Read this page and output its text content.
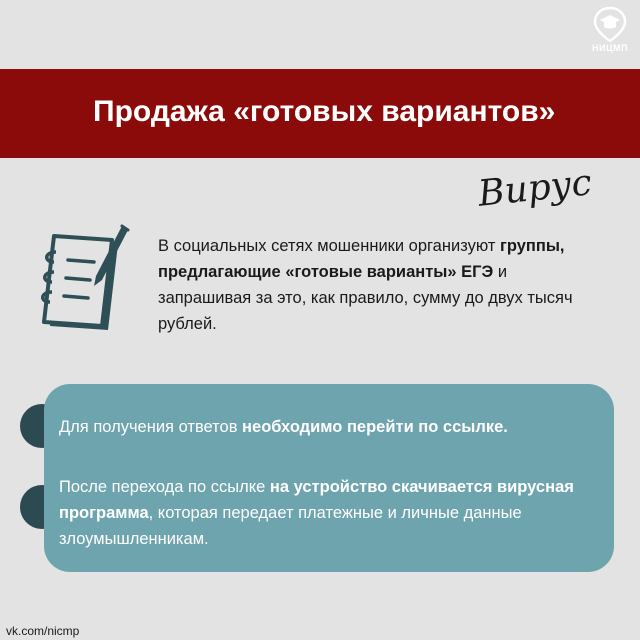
НИЦМП
Продажа «готовых вариантов»
Вирус
В социальных сетях мошенники организуют группы, предлагающие «готовые варианты» ЕГЭ и запрашивая за это, как правило, сумму до двух тысяч рублей.
Для получения ответов необходимо перейти по ссылке.
После перехода по ссылке на устройство скачивается вирусная программа, которая передает платежные и личные данные злоумышленникам.
vk.com/nicmp
